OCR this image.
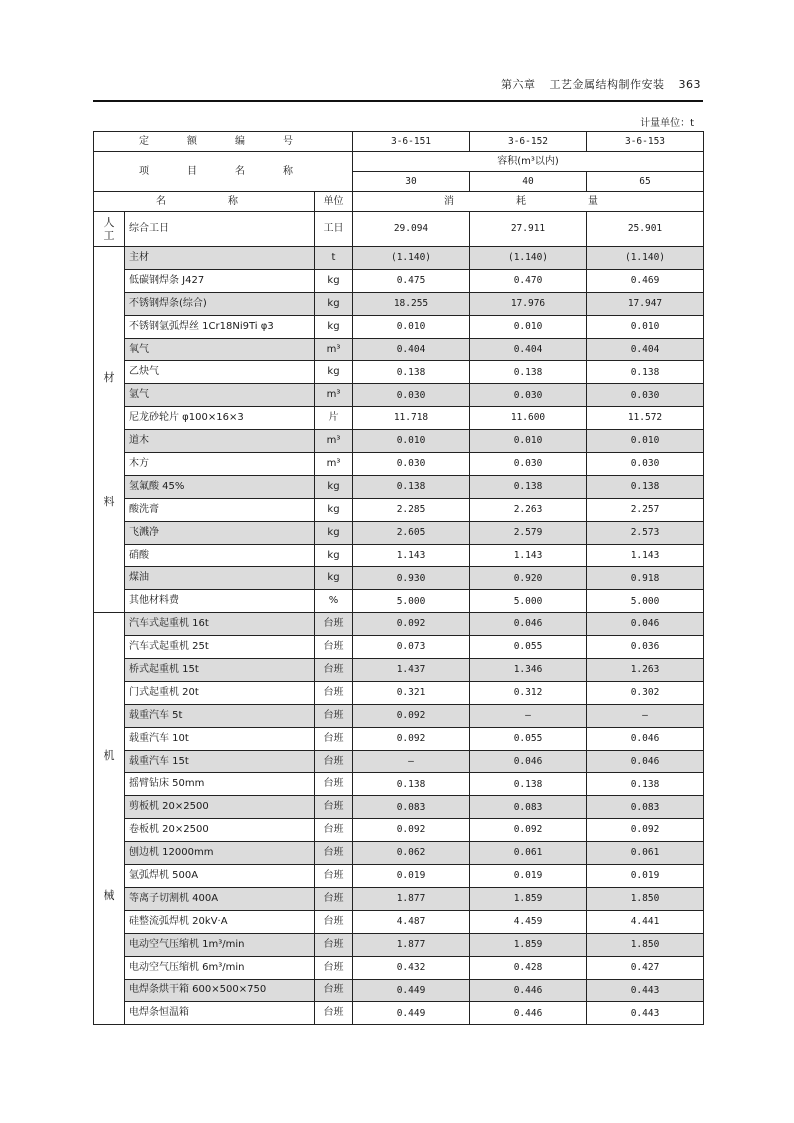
第六章 工艺金属结构制作安装 363
计量单位：t
定　额　编　号			3-6-151	3-6-152	3-6-153
项　目　名　称			容积(m³以内)		
			30	40	65
名　　称		单位	消　　耗　　量		

人工	综合工日	工日	29.094	27.911	25.901

材
料	主材	t	(1.140)	(1.140)	(1.140)
	低碳钢焊条 J427	kg	0.475	0.470	0.469
	不锈钢焊条(综合)	kg	18.255	17.976	17.947
	不锈钢氩弧焊丝 1Cr18Ni9Ti φ3	kg	0.010	0.010	0.010
	氧气	m³	0.404	0.404	0.404
	乙炔气	kg	0.138	0.138	0.138
	氩气	m³	0.030	0.030	0.030
	尼龙砂轮片 φ100×16×3	片	11.718	11.600	11.572
	道木	m³	0.010	0.010	0.010
	木方	m³	0.030	0.030	0.030
	氢氟酸 45%	kg	0.138	0.138	0.138
	酸洗膏	kg	2.285	2.263	2.257
	飞溅净	kg	2.605	2.579	2.573
	硝酸	kg	1.143	1.143	1.143
	煤油	kg	0.930	0.920	0.918
	其他材料费	%	5.000	5.000	5.000

机
械	汽车式起重机 16t	台班	0.092	0.046	0.046
	汽车式起重机 25t	台班	0.073	0.055	0.036
	桥式起重机 15t	台班	1.437	1.346	1.263
	门式起重机 20t	台班	0.321	0.312	0.302
	载重汽车 5t	台班	0.092	—	—
	载重汽车 10t	台班	0.092	0.055	0.046
	载重汽车 15t	台班	—	0.046	0.046
	摇臂钻床 50mm	台班	0.138	0.138	0.138
	剪板机 20×2500	台班	0.083	0.083	0.083
	卷板机 20×2500	台班	0.092	0.092	0.092
	刨边机 12000mm	台班	0.062	0.061	0.061
	氩弧焊机 500A	台班	0.019	0.019	0.019
	等离子切割机 400A	台班	1.877	1.859	1.850
	硅整流弧焊机 20kV·A	台班	4.487	4.459	4.441
	电动空气压缩机 1m³/min	台班	1.877	1.859	1.850
	电动空气压缩机 6m³/min	台班	0.432	0.428	0.427
	电焊条烘干箱 600×500×750	台班	0.449	0.446	0.443
	电焊条恒温箱	台班	0.449	0.446	0.443
